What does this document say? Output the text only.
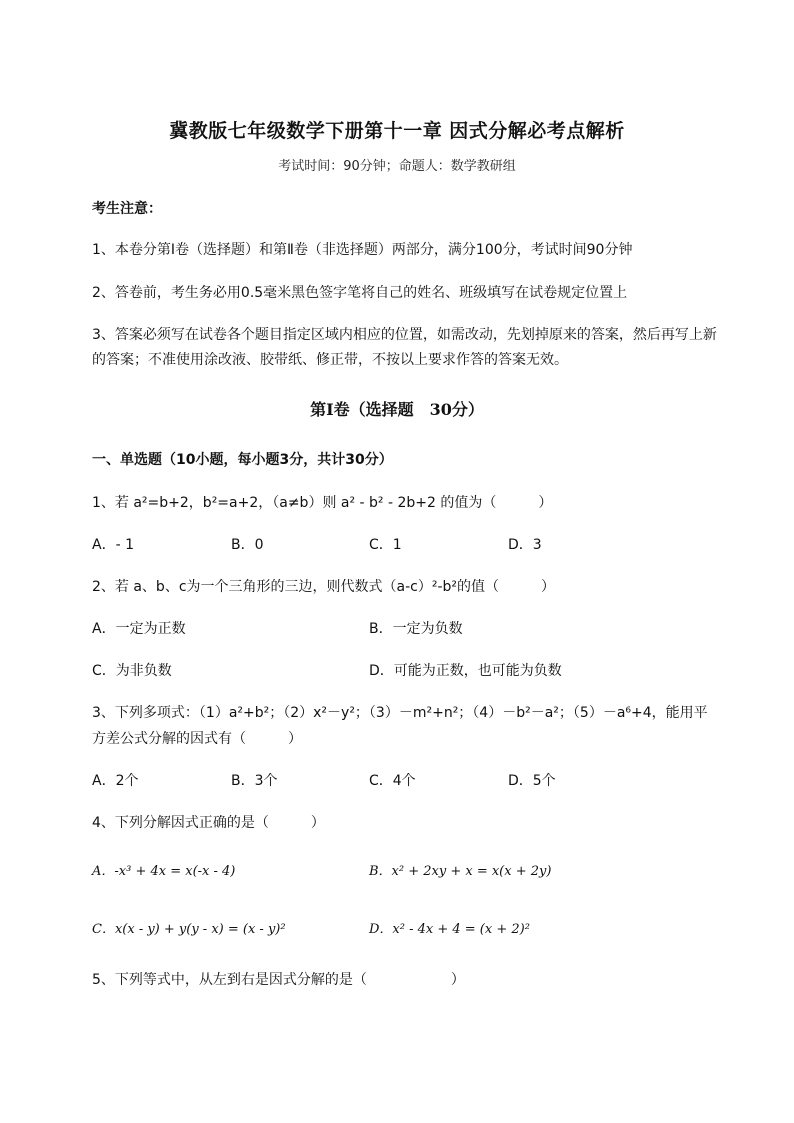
冀教版七年级数学下册第十一章 因式分解必考点解析
考试时间：90分钟；命题人：数学教研组
考生注意：
1、本卷分第I卷（选择题）和第Ⅱ卷（非选择题）两部分，满分100分，考试时间90分钟
2、答卷前，考生务必用0.5毫米黑色签字笔将自己的姓名、班级填写在试卷规定位置上
3、答案必须写在试卷各个题目指定区域内相应的位置，如需改动，先划掉原来的答案，然后再写上新
的答案；不准使用涂改液、胶带纸、修正带，不按以上要求作答的答案无效。
第I卷（选择题　30分）
一、单选题（10小题，每小题3分，共计30分）
1、若 a²=b+2，b²=a+2，（a≠b）则 a² - b² - 2b+2 的值为（　　　）
A．- 1	B．0	C．1	D．3
2、若 a、b、c为一个三角形的三边，则代数式（a-c）²-b²的值（　　　）
A．一定为正数	B．一定为负数
C．为非负数	D．可能为正数，也可能为负数
3、下列多项式：（1）a²+b²；（2）x²－y²；（3）－m²+n²；（4）－b²－a²；（5）－a⁶+4，能用平
方差公式分解的因式有（　　　）
A．2个	B．3个	C．4个	D．5个
4、下列分解因式正确的是（　　　）
A．-x³ + 4x = x(-x - 4)	B．x² + 2xy + x = x(x + 2y)
C．x(x - y) + y(y - x) = (x - y)²	D．x² - 4x + 4 = (x + 2)²
5、下列等式中，从左到右是因式分解的是（　　　　　　）
